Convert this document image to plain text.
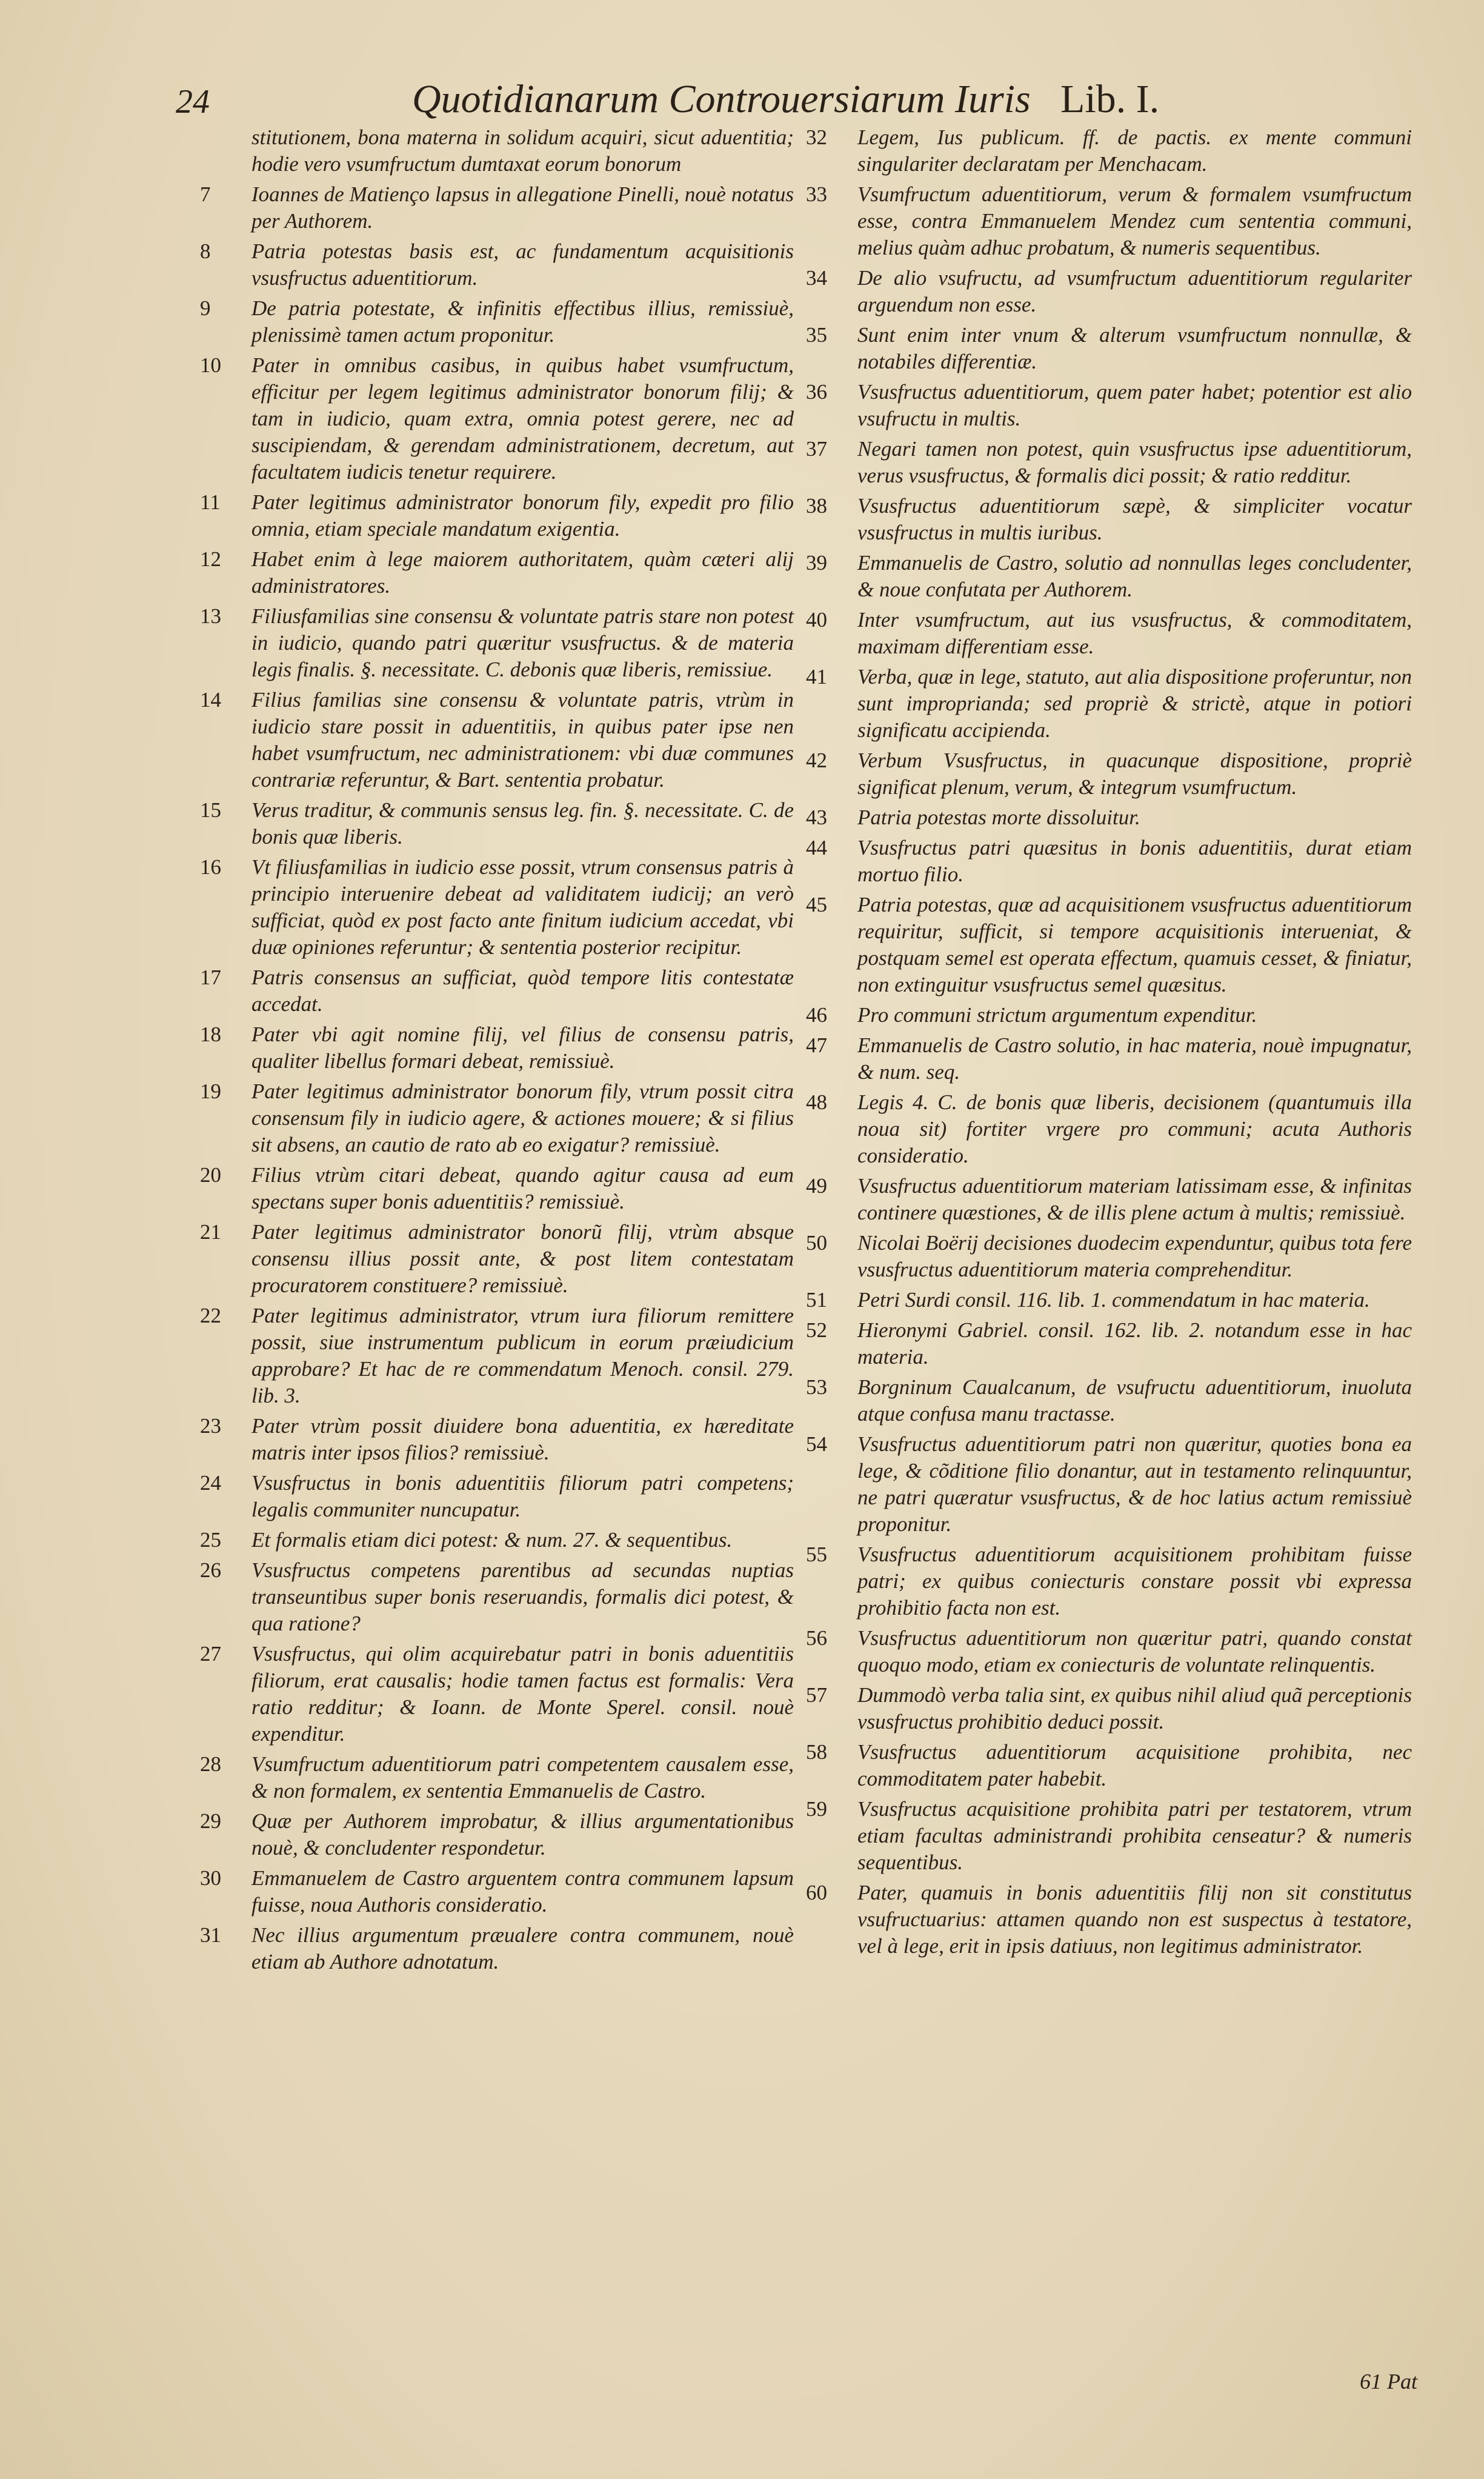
24	Quotidianarum Controuersiarum Iuris Lib. I.
stitutionem, bona materna in solidum acquiri, sicut aduentitia; hodie vero vsumfructum dumtaxat eorum bonorum
7	Ioannes de Matienço lapsus in allegatione Pinelli, nouè notatus per Authorem.
8	Patria potestas basis est, ac fundamentum acquisitionis vsusfructus aduentitiorum.
9	De patria potestate, & infinitis effectibus illius, remissiuè, plenissimè tamen actum proponitur.
10	Pater in omnibus casibus, in quibus habet vsumfructum, efficitur per legem legitimus administrator bonorum filij; & tam in iudicio, quam extra, omnia potest gerere, nec ad suscipiendam, & gerendam administrationem, decretum, aut facultatem iudicis tenetur requirere.
11	Pater legitimus administrator bonorum fily, expedit pro filio omnia, etiam speciale mandatum exigentia.
12	Habet enim à lege maiorem authoritatem, quàm cæteri alij administratores.
13	Filiusfamilias sine consensu & voluntate patris stare non potest in iudicio, quando patri quæritur vsusfructus. & de materia legis finalis. §. necessitate. C. debonis quæ liberis, remissiue.
14	Filius familias sine consensu & voluntate patris, vtrùm in iudicio stare possit in aduentitiis, in quibus pater ipse nen habet vsumfructum, nec administrationem: vbi duæ communes contrariæ referuntur, & Bart. sententia probatur.
15	Verus traditur, & communis sensus leg. fin. §. necessitate. C. de bonis quæ liberis.
16	Vt filiusfamilias in iudicio esse possit, vtrum consensus patris à principio interuenire debeat ad validitatem iudicij; an verò sufficiat, quòd ex post facto ante finitum iudicium accedat, vbi duæ opiniones referuntur; & sententia posterior recipitur.
17	Patris consensus an sufficiat, quòd tempore litis contestatæ accedat.
18	Pater vbi agit nomine filij, vel filius de consensu patris, qualiter libellus formari debeat, remissiuè.
19	Pater legitimus administrator bonorum fily, vtrum possit citra consensum fily in iudicio agere, & actiones mouere; & si filius sit absens, an cautio de rato ab eo exigatur? remissiuè.
20	Filius vtrùm citari debeat, quando agitur causa ad eum spectans super bonis aduentitiis? remissiuè.
21	Pater legitimus administrator bonorũ filij, vtrùm absque consensu illius possit ante, & post litem contestatam procuratorem constituere? remissiuè.
22	Pater legitimus administrator, vtrum iura filiorum remittere possit, siue instrumentum publicum in eorum præiudicium approbare? Et hac de re commendatum Menoch. consil. 279. lib. 3.
23	Pater vtrùm possit diuidere bona aduentitia, ex hæreditate matris inter ipsos filios? remissiuè.
24	Vsusfructus in bonis aduentitiis filiorum patri competens; legalis communiter nuncupatur.
25	Et formalis etiam dici potest: & num. 27. & sequentibus.
26	Vsusfructus competens parentibus ad secundas nuptias transeuntibus super bonis reseruandis, formalis dici potest, & qua ratione?
27	Vsusfructus, qui olim acquirebatur patri in bonis aduentitiis filiorum, erat causalis; hodie tamen factus est formalis: Vera ratio redditur; & Ioann. de Monte Sperel. consil. nouè expenditur.
28	Vsumfructum aduentitiorum patri competentem causalem esse, & non formalem, ex sententia Emmanuelis de Castro.
29	Quæ per Authorem improbatur, & illius argumentationibus nouè, & concludenter respondetur.
30	Emmanuelem de Castro arguentem contra communem lapsum fuisse, noua Authoris consideratio.
31	Nec illius argumentum præualere contra communem, nouè etiam ab Authore adnotatum.
32	Legem, Ius publicum. ff. de pactis. ex mente communi singulariter declaratam per Menchacam.
33	Vsumfructum aduentitiorum, verum & formalem vsumfructum esse, contra Emmanuelem Mendez cum sententia communi, melius quàm adhuc probatum, & numeris sequentibus.
34	De alio vsufructu, ad vsumfructum aduentitiorum regulariter arguendum non esse.
35	Sunt enim inter vnum & alterum vsumfructum nonnullæ, & notabiles differentiæ.
36	Vsusfructus aduentitiorum, quem pater habet; potentior est alio vsufructu in multis.
37	Negari tamen non potest, quin vsusfructus ipse aduentitiorum, verus vsusfructus, & formalis dici possit; & ratio redditur.
38	Vsusfructus aduentitiorum sæpè, & simpliciter vocatur vsusfructus in multis iuribus.
39	Emmanuelis de Castro, solutio ad nonnullas leges concludenter, & noue confutata per Authorem.
40	Inter vsumfructum, aut ius vsusfructus, & commoditatem, maximam differentiam esse.
41	Verba, quæ in lege, statuto, aut alia dispositione proferuntur, non sunt improprianda; sed propriè & strictè, atque in potiori significatu accipienda.
42	Verbum Vsusfructus, in quacunque dispositione, propriè significat plenum, verum, & integrum vsumfructum.
43	Patria potestas morte dissoluitur.
44	Vsusfructus patri quæsitus in bonis aduentitiis, durat etiam mortuo filio.
45	Patria potestas, quæ ad acquisitionem vsusfructus aduentitiorum requiritur, sufficit, si tempore acquisitionis interueniat, & postquam semel est operata effectum, quamuis cesset, & finiatur, non extinguitur vsusfructus semel quæsitus.
46	Pro communi strictum argumentum expenditur.
47	Emmanuelis de Castro solutio, in hac materia, nouè impugnatur, & num. seq.
48	Legis 4. C. de bonis quæ liberis, decisionem (quantumuis illa noua sit) fortiter vrgere pro communi; acuta Authoris consideratio.
49	Vsusfructus aduentitiorum materiam latissimam esse, & infinitas continere quæstiones, & de illis plene actum à multis; remissiuè.
50	Nicolai Boërij decisiones duodecim expenduntur, quibus tota fere vsusfructus aduentitiorum materia comprehenditur.
51	Petri Surdi consil. 116. lib. 1. commendatum in hac materia.
52	Hieronymi Gabriel. consil. 162. lib. 2. notandum esse in hac materia.
53	Borgninum Caualcanum, de vsufructu aduentitiorum, inuoluta atque confusa manu tractasse.
54	Vsusfructus aduentitiorum patri non quæritur, quoties bona ea lege, & cõditione filio donantur, aut in testamento relinquuntur, ne patri quæratur vsusfructus, & de hoc latius actum remissiuè proponitur.
55	Vsusfructus aduentitiorum acquisitionem prohibitam fuisse patri; ex quibus coniecturis constare possit vbi expressa prohibitio facta non est.
56	Vsusfructus aduentitiorum non quæritur patri, quando constat quoquo modo, etiam ex coniecturis de voluntate relinquentis.
57	Dummodò verba talia sint, ex quibus nihil aliud quã perceptionis vsusfructus prohibitio deduci possit.
58	Vsusfructus aduentitiorum acquisitione prohibita, nec commoditatem pater habebit.
59	Vsusfructus acquisitione prohibita patri per testatorem, vtrum etiam facultas administrandi prohibita censeatur? & numeris sequentibus.
60	Pater, quamuis in bonis aduentitiis filij non sit constitutus vsufructuarius: attamen quando non est suspectus à testatore, vel à lege, erit in ipsis datiuus, non legitimus administrator.
61 Pat
